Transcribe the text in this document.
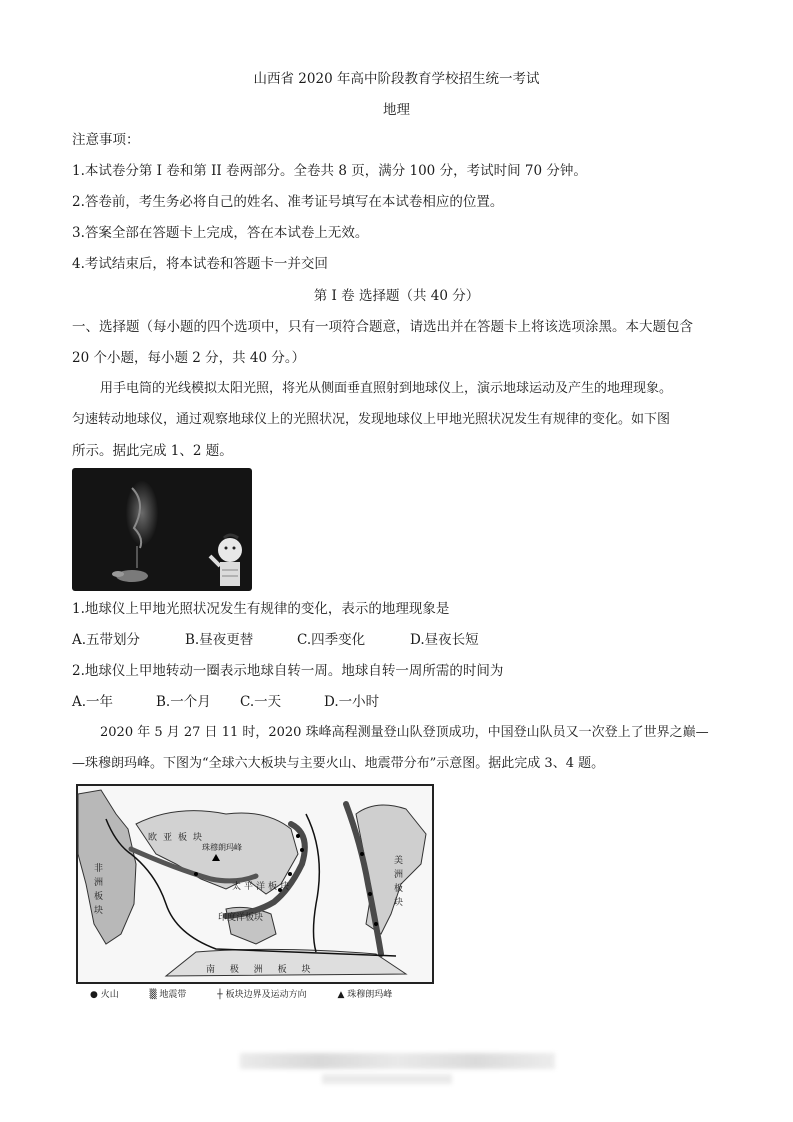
山西省 2020 年高中阶段教育学校招生统一考试
地理
注意事项：
1.本试卷分第 I 卷和第 II 卷两部分。全卷共 8 页，满分 100 分，考试时间 70 分钟。
2.答卷前，考生务必将自己的姓名、准考证号填写在本试卷相应的位置。
3.答案全部在答题卡上完成，答在本试卷上无效。
4.考试结束后，将本试卷和答题卡一并交回
第 I 卷 选择题（共 40 分）
一、选择题（每小题的四个选项中，只有一项符合题意，请选出并在答题卡上将该选项涂黑。本大题包含
20 个小题，每小题 2 分，共 40 分。）
用手电筒的光线模拟太阳光照，将光从侧面垂直照射到地球仪上，演示地球运动及产生的地理现象。
匀速转动地球仪，通过观察地球仪上的光照状况，发现地球仪上甲地光照状况发生有规律的变化。如下图
所示。据此完成 1、2 题。
1.地球仪上甲地光照状况发生有规律的变化，表示的地理现象是
A.五带划分	B.昼夜更替	C.四季变化	D.昼夜长短
2.地球仪上甲地转动一圈表示地球自转一周。地球自转一周所需的时间为
A.一年	B.一个月 C.一天	D.一小时
2020 年 5 月 27 日 11 时，2020 珠峰高程测量登山队登顶成功，中国登山队员又一次登上了世界之巅—
—珠穆朗玛峰。下图为“全球六大板块与主要火山、地震带分布”示意图。据此完成 3、4 题。
欧亚板块
珠穆朗玛峰
太平洋板块
印度洋板块
非
洲
板
块
美
洲
板
块
南 极 洲 板 块
● 火山	▒ 地震带	┼ 板块边界及运动方向	▲ 珠穆朗玛峰
